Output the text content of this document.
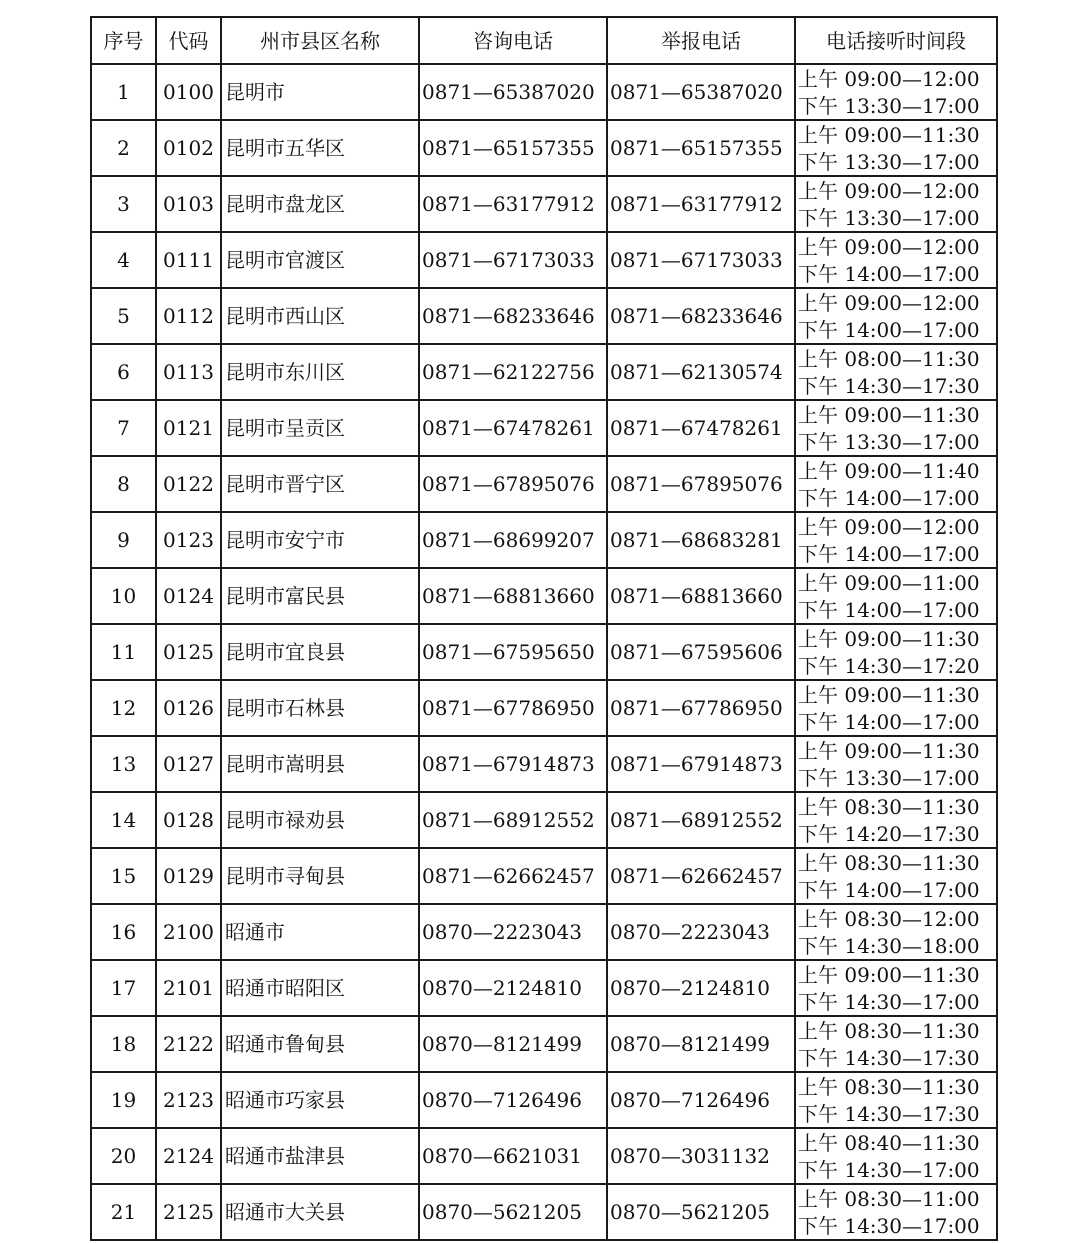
序号	代码	州市县区名称	咨询电话	举报电话	电话接听时间段
1	0100	昆明市	0871—65387020	0871—65387020	上午 09:00—12:00
下午 13:30—17:00

2	0102	昆明市五华区	0871—65157355	0871—65157355	上午 09:00—11:30
下午 13:30—17:00

3	0103	昆明市盘龙区	0871—63177912	0871—63177912	上午 09:00—12:00
下午 13:30—17:00

4	0111	昆明市官渡区	0871—67173033	0871—67173033	上午 09:00—12:00
下午 14:00—17:00

5	0112	昆明市西山区	0871—68233646	0871—68233646	上午 09:00—12:00
下午 14:00—17:00

6	0113	昆明市东川区	0871—62122756	0871—62130574	上午 08:00—11:30
下午 14:30—17:30

7	0121	昆明市呈贡区	0871—67478261	0871—67478261	上午 09:00—11:30
下午 13:30—17:00

8	0122	昆明市晋宁区	0871—67895076	0871—67895076	上午 09:00—11:40
下午 14:00—17:00

9	0123	昆明市安宁市	0871—68699207	0871—68683281	上午 09:00—12:00
下午 14:00—17:00

10	0124	昆明市富民县	0871—68813660	0871—68813660	上午 09:00—11:00
下午 14:00—17:00

11	0125	昆明市宜良县	0871—67595650	0871—67595606	上午 09:00—11:30
下午 14:30—17:20

12	0126	昆明市石林县	0871—67786950	0871—67786950	上午 09:00—11:30
下午 14:00—17:00

13	0127	昆明市嵩明县	0871—67914873	0871—67914873	上午 09:00—11:30
下午 13:30—17:00

14	0128	昆明市禄劝县	0871—68912552	0871—68912552	上午 08:30—11:30
下午 14:20—17:30

15	0129	昆明市寻甸县	0871—62662457	0871—62662457	上午 08:30—11:30
下午 14:00—17:00

16	2100	昭通市	0870—2223043	0870—2223043	上午 08:30—12:00
下午 14:30—18:00

17	2101	昭通市昭阳区	0870—2124810	0870—2124810	上午 09:00—11:30
下午 14:30—17:00

18	2122	昭通市鲁甸县	0870—8121499	0870—8121499	上午 08:30—11:30
下午 14:30—17:30

19	2123	昭通市巧家县	0870—7126496	0870—7126496	上午 08:30—11:30
下午 14:30—17:30

20	2124	昭通市盐津县	0870—6621031	0870—3031132	上午 08:40—11:30
下午 14:30—17:00

21	2125	昭通市大关县	0870—5621205	0870—5621205	上午 08:30—11:00
下午 14:30—17:00
